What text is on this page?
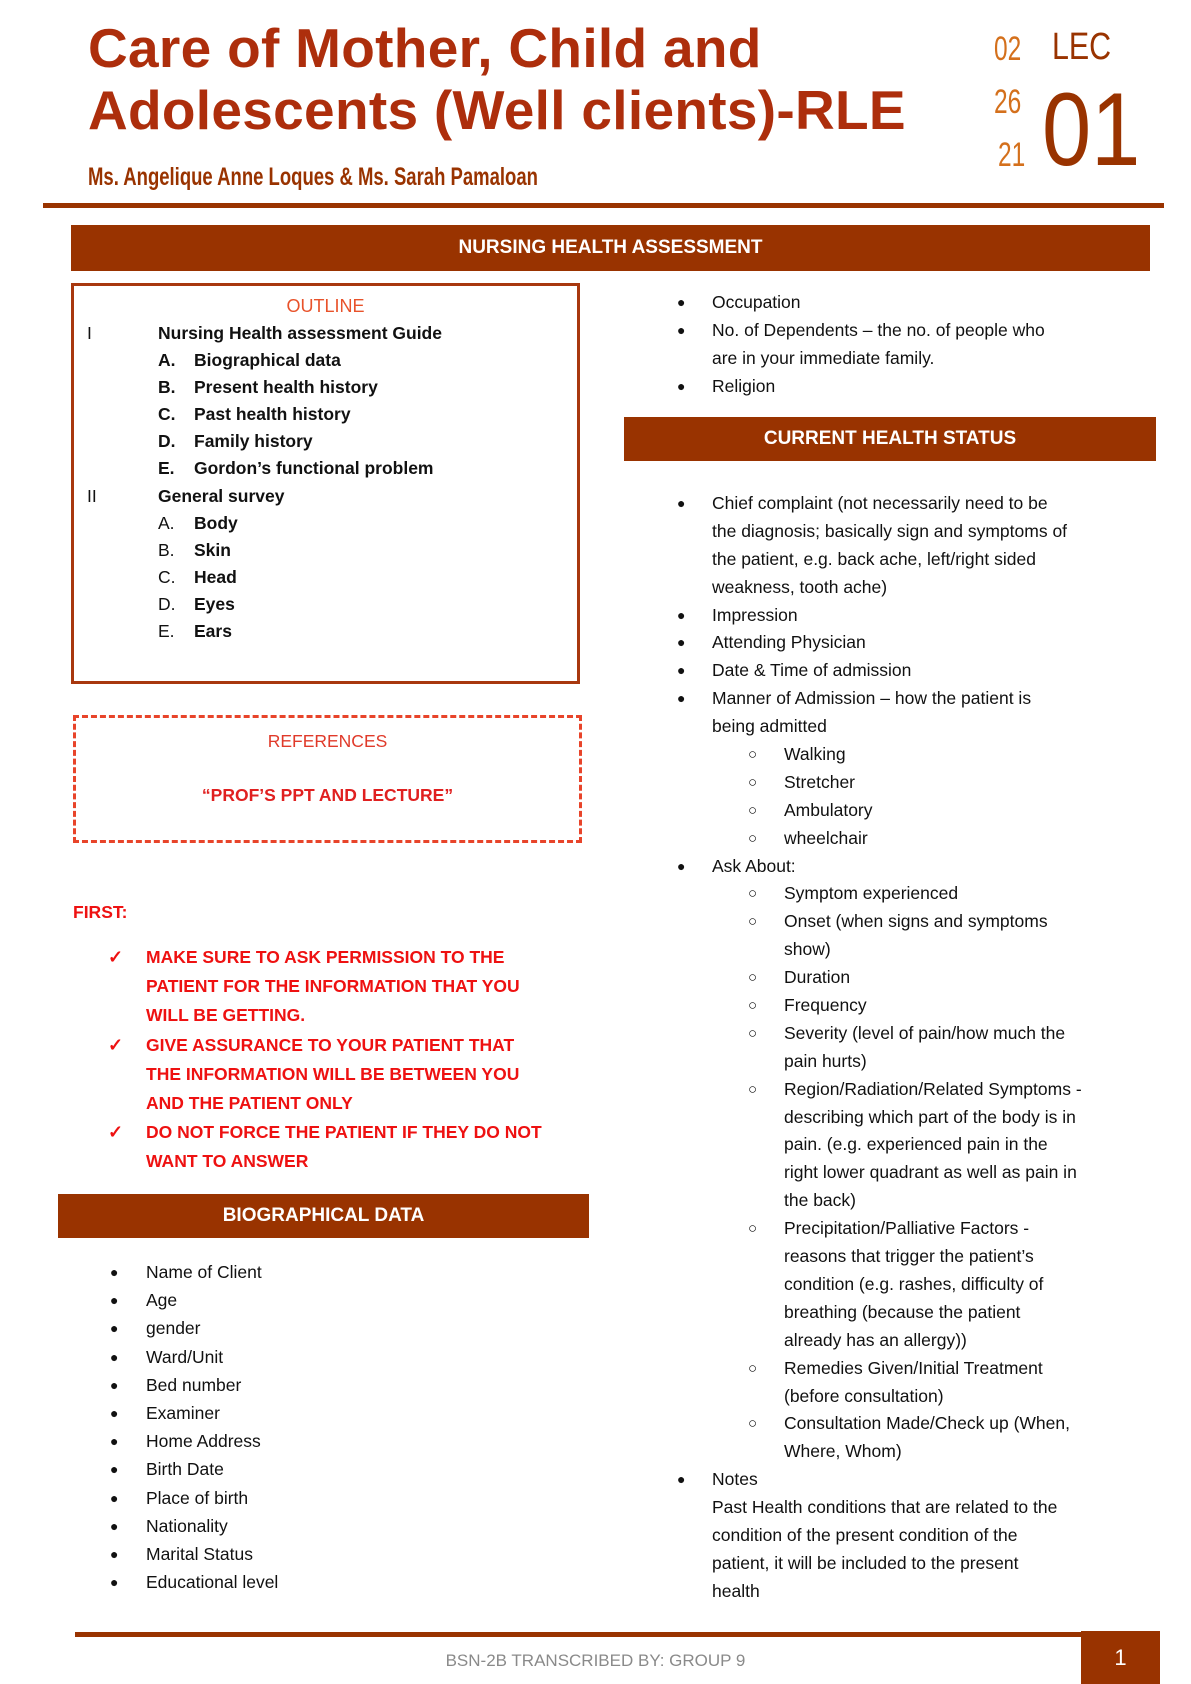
Care of Mother, Child and
Adolescents (Well clients)-RLE
Ms. Angelique Anne Loques & Ms. Sarah Pamaloan
02
26
21
LEC
01
NURSING HEALTH ASSESSMENT
OUTLINE
I	Nursing Health assessment Guide
A. Biographical data
B. Present health history
C. Past health history
D. Family history
E. Gordon’s functional problem
II	General survey
A. Body
B. Skin
C. Head
D. Eyes
E. Ears
REFERENCES
“PROF’S PPT AND LECTURE”
FIRST:
✓ MAKE SURE TO ASK PERMISSION TO THE
PATIENT FOR THE INFORMATION THAT YOU
WILL BE GETTING.
✓ GIVE ASSURANCE TO YOUR PATIENT THAT
THE INFORMATION WILL BE BETWEEN YOU
AND THE PATIENT ONLY
✓ DO NOT FORCE THE PATIENT IF THEY DO NOT
WANT TO ANSWER
BIOGRAPHICAL DATA
● Name of Client
● Age
● gender
● Ward/Unit
● Bed number
● Examiner
● Home Address
● Birth Date
● Place of birth
● Nationality
● Marital Status
● Educational level
● Occupation
● No. of Dependents – the no. of people who
are in your immediate family.
● Religion
CURRENT HEALTH STATUS
● Chief complaint (not necessarily need to be
the diagnosis; basically sign and symptoms of
the patient, e.g. back ache, left/right sided
weakness, tooth ache)
● Impression
● Attending Physician
● Date & Time of admission
● Manner of Admission – how the patient is
being admitted
○ Walking
○ Stretcher
○ Ambulatory
○ wheelchair
● Ask About:
○ Symptom experienced
○ Onset (when signs and symptoms
show)
○ Duration
○ Frequency
○ Severity (level of pain/how much the
pain hurts)
○ Region/Radiation/Related Symptoms -
describing which part of the body is in
pain. (e.g. experienced pain in the
right lower quadrant as well as pain in
the back)
○ Precipitation/Palliative Factors -
reasons that trigger the patient’s
condition (e.g. rashes, difficulty of
breathing (because the patient
already has an allergy))
○ Remedies Given/Initial Treatment
(before consultation)
○ Consultation Made/Check up (When,
Where, Whom)
● Notes
Past Health conditions that are related to the
condition of the present condition of the
patient, it will be included to the present
health
BSN-2B TRANSCRIBED BY: GROUP 9	1
